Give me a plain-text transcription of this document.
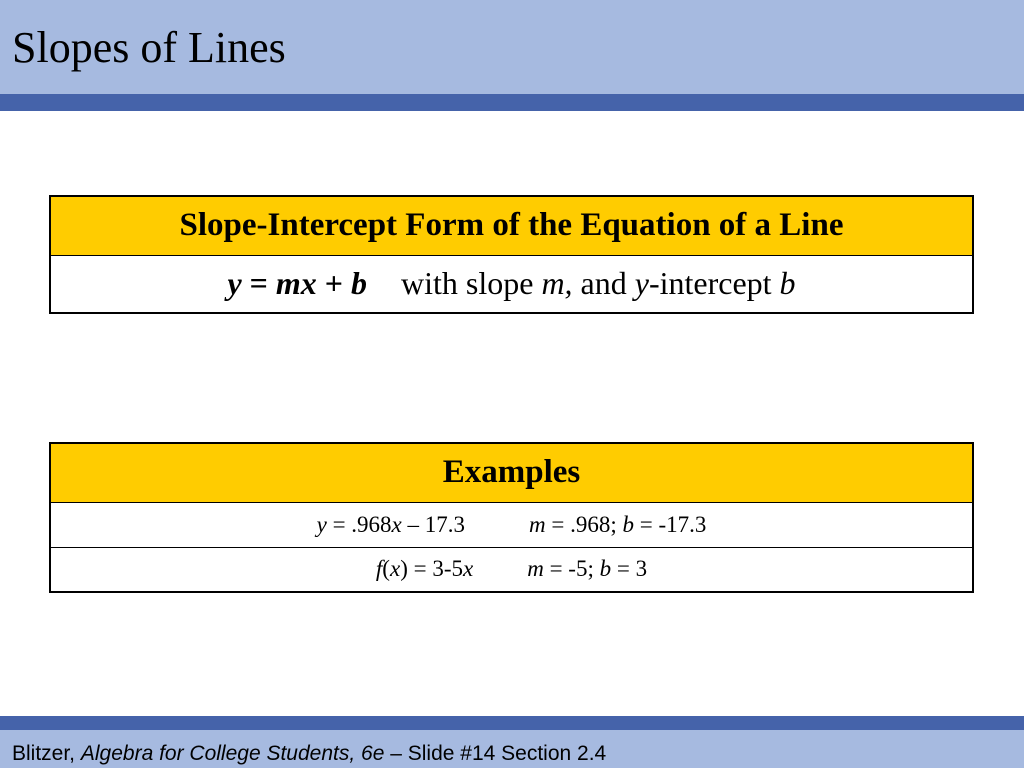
Slopes of Lines
Slope-Intercept Form of the Equation of a Line
y = mx + b with slope m, and y-intercept b
Examples
y = .968x – 17.3	m = .968; b = -17.3
f(x) = 3-5x m = -5; b = 3
Blitzer, Algebra for College Students, 6e – Slide #14 Section 2.4
